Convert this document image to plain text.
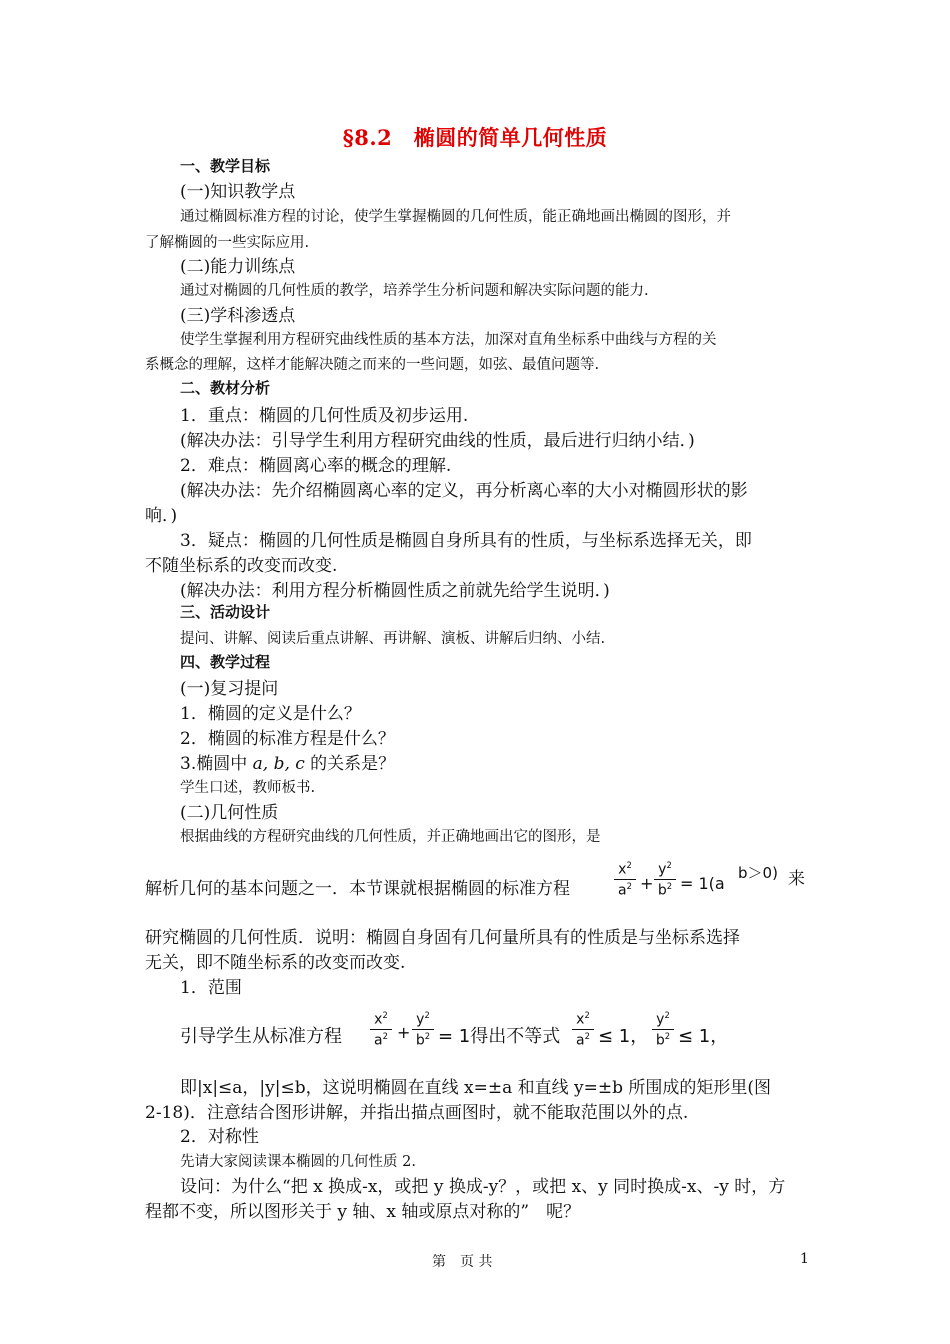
§8.2　椭圆的简单几何性质
一、教学目标
(一)知识教学点
通过椭圆标准方程的讨论，使学生掌握椭圆的几何性质，能正确地画出椭圆的图形，并
了解椭圆的一些实际应用.
(二)能力训练点
通过对椭圆的几何性质的教学，培养学生分析问题和解决实际问题的能力.
(三)学科渗透点
使学生掌握利用方程研究曲线性质的基本方法，加深对直角坐标系中曲线与方程的关
系概念的理解，这样才能解决随之而来的一些问题，如弦、最值问题等.
二、教材分析
1．重点：椭圆的几何性质及初步运用.
(解决办法：引导学生利用方程研究曲线的性质，最后进行归纳小结．)
2．难点：椭圆离心率的概念的理解.
(解决办法：先介绍椭圆离心率的定义，再分析离心率的大小对椭圆形状的影
响．)
3．疑点：椭圆的几何性质是椭圆自身所具有的性质，与坐标系选择无关，即
不随坐标系的改变而改变.
(解决办法：利用方程分析椭圆性质之前就先给学生说明．)
三、活动设计
提问、讲解、阅读后重点讲解、再讲解、演板、讲解后归纳、小结.
四、教学过程
(一)复习提问
1．椭圆的定义是什么？
2．椭圆的标准方程是什么？
3.椭圆中 a, b, c 的关系是？
学生口述，教师板书.
(二)几何性质
根据曲线的方程研究曲线的几何性质，并正确地画出它的图形，是
解析几何的基本问题之一．本节课就根据椭圆的标准方程
$x^2$
$a^2$ +
$y^2$
$b^2 = 1(a$
b＞0) 来
研究椭圆的几何性质．说明：椭圆自身固有几何量所具有的性质是与坐标系选择
无关，即不随坐标系的改变而改变.
1．范围
引导学生从标准方程
$x^2$
$a^2$ +
$y^2$
$b^2 = 1$得出不等式
$x^2$
$a^2 \le 1$，
$y^2$
$b^2 \le 1$，
即|x|≤a，|y|≤b，这说明椭圆在直线 x=±a 和直线 y=±b 所围成的矩形里(图
2-18)．注意结合图形讲解，并指出描点画图时，就不能取范围以外的点.
2．对称性
先请大家阅读课本椭圆的几何性质 2.
设问：为什么“把 x 换成-x，或把 y 换成-y？，或把 x、y 同时换成-x、-y 时，方
程都不变，所以图形关于 y 轴、x 轴或原点对称的”　呢？
第　页 共	1
